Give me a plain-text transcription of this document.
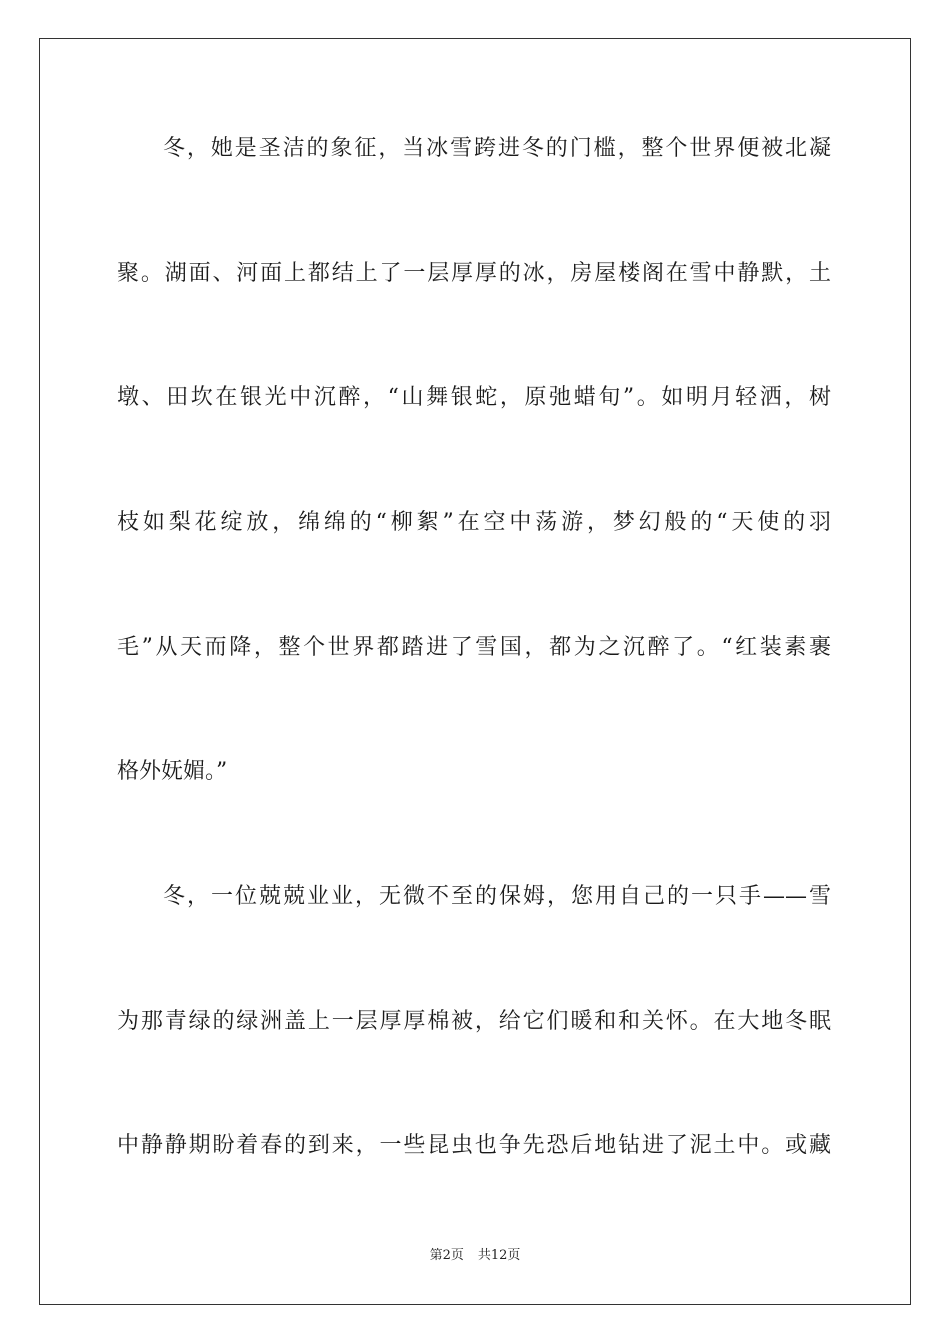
冬，她是圣洁的象征，当冰雪跨进冬的门槛，整个世界便被北凝
聚。湖面、河面上都结上了一层厚厚的冰，房屋楼阁在雪中静默，土
墩、田坎在银光中沉醉，“山舞银蛇，原弛蜡旬”。如明月轻洒，树
枝如梨花绽放，绵绵的“柳絮”在空中荡游，梦幻般的“天使的羽
毛”从天而降，整个世界都踏进了雪国，都为之沉醉了。“红装素裹
格外妩媚。”
冬，一位兢兢业业，无微不至的保姆，您用自己的一只手——雪
为那青绿的绿洲盖上一层厚厚棉被，给它们暖和和关怀。在大地冬眠
中静静期盼着春的到来，一些昆虫也争先恐后地钻进了泥土中。或藏
第2页 共12页
